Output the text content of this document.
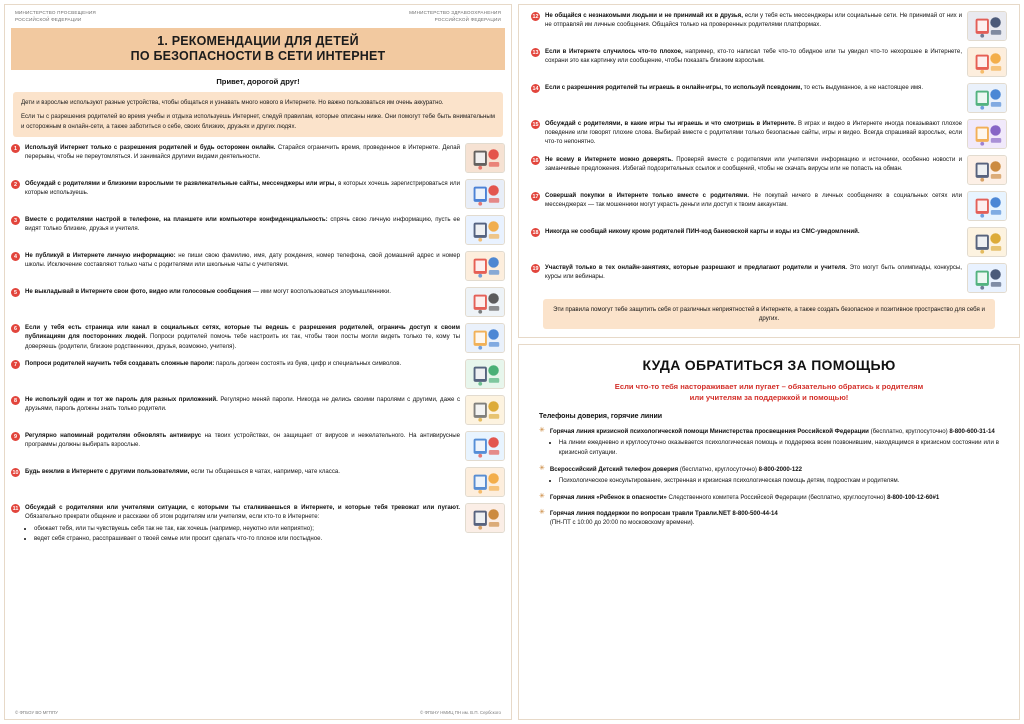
МИНИСТЕРСТВО ПРОСВЕЩЕНИЯ
РОССИЙСКОЙ ФЕДЕРАЦИИ
МИНИСТЕРСТВО ЗДРАВООХРАНЕНИЯ
РОССИЙСКОЙ ФЕДЕРАЦИИ
1. РЕКОМЕНДАЦИИ ДЛЯ ДЕТЕЙ
ПО БЕЗОПАСНОСТИ В СЕТИ ИНТЕРНЕТ
Привет, дорогой друг!

Дети и взрослые используют разные устройства, чтобы общаться и узнавать много нового в Интернете. Но важно пользоваться им очень аккуратно.

Если ты с разрешения родителей во время учебы и отдыха используешь Интернет, следуй правилам, которые описаны ниже. Они помогут тебе быть внимательным и осторожным в онлайн-сети, а также заботиться о себе, своих близких, друзьях и других людях.

1	Используй Интернет только с разрешения родителей и будь осторожен онлайн. Старайся ограничить время, проведенное в Интернете. Делай перерывы, чтобы не переутомляться. И занимайся другими видами деятельности.
2	Обсуждай с родителями и близкими взрослыми те развлекательные сайты, мессенджеры или игры, в которых хочешь зарегистрироваться или которые используешь.
3	Вместе с родителями настрой в телефоне, на планшете или компьютере конфиденциальность: спрячь свою личную информацию, пусть ее видят только близкие, друзья и учителя.
4	Не публикуй в Интернете личную информацию: не пиши свою фамилию, имя, дату рождения, номер телефона, свой домашний адрес и номер школы. Исключение составляют только чаты с родителями или школьные чаты с учителями.
5	Не выкладывай в Интернете свои фото, видео или голосовые сообщения — ими могут воспользоваться злоумышленники.
6	Если у тебя есть страница или канал в социальных сетях, которые ты ведешь с разрешения родителей, ограничь доступ к своим публикациям для посторонних людей. Попроси родителей помочь тебе настроить их так, чтобы твои посты могли видеть только те, кому ты доверяешь (родители, близкие родственники, друзья, возможно, учителя).
7	Попроси родителей научить тебя создавать сложные пароли: пароль должен состоять из букв, цифр и специальных символов.
8	Не используй один и тот же пароль для разных приложений. Регулярно меняй пароли. Никогда не делись своими паролями с другими, даже с друзьями, пароль должны знать только родители.
9	Регулярно напоминай родителям обновлять антивирус на твоих устройствах, он защищает от вирусов и нежелательного. На антивирусные программы должны выбирать взрослые.
10 Будь вежлив в Интернете с другими пользователями, если ты общаешься в чатах, например, чате класса.
11 Обсуждай с родителями или учителями ситуации, с которыми ты сталкиваешься в Интернете, и которые тебя тревожат или пугают. Обязательно прекрати общение и расскажи об этом родителям или учителям, если кто-то в Интернете:
• обижает тебя, или ты чувствуешь себя так не так, как хочешь (например, неуютно или неприятно);
• ведет себя странно, расспрашивает о твоей семье или просит сделать что-то плохое или постыдное.
© ФГБОУ ВО МГППУ	© ФГБНУ НМИЦ ПН им. В.П. Сербского
12 Не общайся с незнакомыми людьми и не принимай их в друзья, если у тебя есть мессенджеры или социальные сети. Не принимай от них и не отправляй им личные сообщения. Общайся только на проверенных родителями платформах.
13 Если в Интернете случилось что-то плохое, например, кто-то написал тебе что-то обидное или ты увидел что-то нехорошее в Интернете, сохрани это как картинку или сообщение, чтобы показать близким взрослым.
14 Если с разрешения родителей ты играешь в онлайн-игры, то используй псевдоним, то есть выдуманное, а не настоящее имя.
15 Обсуждай с родителями, в какие игры ты играешь и что смотришь в Интернете. В играх и видео в Интернете иногда показывают плохое поведение или говорят плохие слова. Выбирай вместе с родителями только безопасные сайты, игры и видео. Всегда спрашивай взрослых, если что-то непонятно.
16 Не всему в Интернете можно доверять. Проверяй вместе с родителями или учителями информацию и источники, особенно новости и заманчивые предложения. Избегай подозрительных ссылок и сообщений, чтобы не скачать вирусы или не попасть на обман.
17 Совершай покупки в Интернете только вместе с родителями. Не покупай ничего в личных сообщениях в социальных сетях или мессенджерах — так мошенники могут украсть деньги или доступ к твоим аккаунтам.
18 Никогда не сообщай никому кроме родителей ПИН-код банковской карты и коды из СМС-уведомлений.
19 Участвуй только в тех онлайн-занятиях, которые разрешают и предлагают родители и учителя. Это могут быть олимпиады, конкурсы, курсы или вебинары.
Эти правила помогут тебе защитить себя от различных неприятностей в Интернете, а также создать безопасное и позитивное пространство для себя и других.
КУДА ОБРАТИТЬСЯ ЗА ПОМОЩЬЮ
Если что-то тебя настораживает или пугает – обязательно обратись к родителям
или учителям за поддержкой и помощью!
Телефоны доверия, горячие линии
✳ Горячая линия кризисной психологической помощи Министерства просвещения Российской Федерации (бесплатно, круглосуточно) 8-800-600-31-14
• На линии ежедневно и круглосуточно оказывается психологическая помощь и поддержка всем позвонившим, находящимся в кризисном состоянии или в кризисной ситуации.
✳ Всероссийский Детский телефон доверия (бесплатно, круглосуточно) 8-800-2000-122
• Психологическое консультирование, экстренная и кризисная психологическая помощь детям, подросткам и родителям.
✳ Горячая линия «Ребенок в опасности» Следственного комитета Российской Федерации (бесплатно, круглосуточно) 8-800-100-12-60#1
✳ Горячая линия поддержки по вопросам травли Травли.NET 8-800-500-44-14
(ПН-ПТ с 10:00 до 20:00 по московскому времени).
